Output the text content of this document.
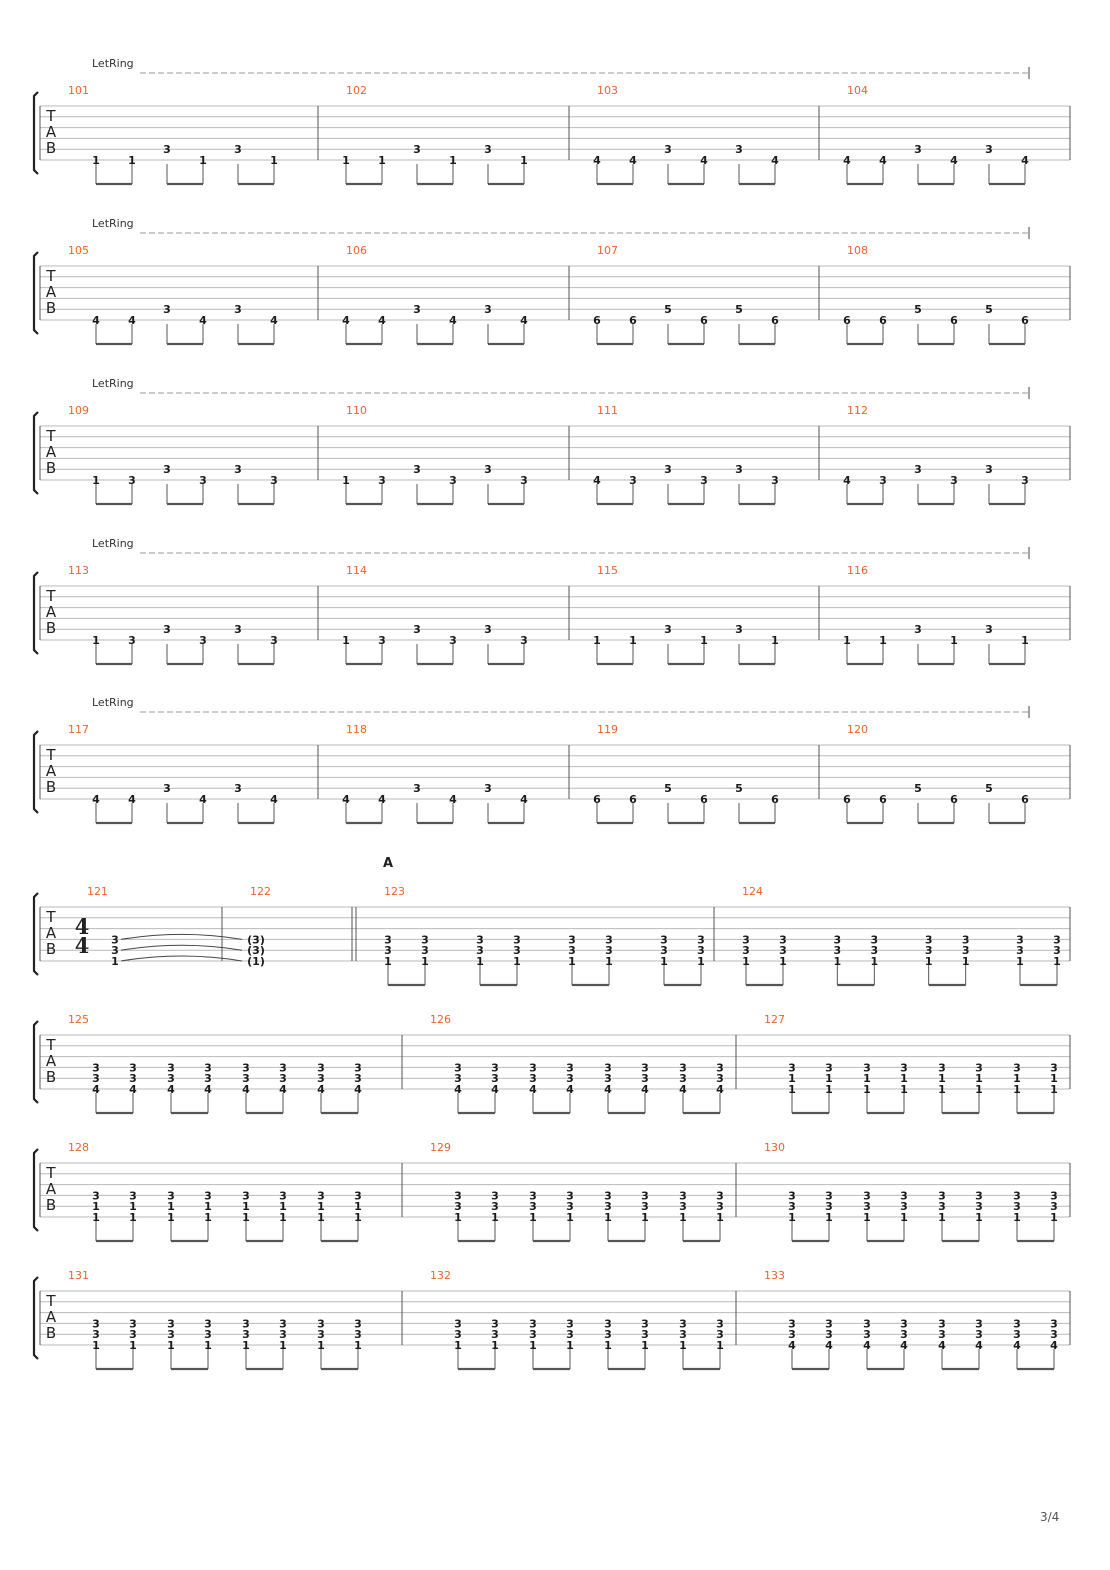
T
A
B
LetRing
101
1	1
3
1
3
1
102
1	1
3
1
3
1
103
4	4
3
4
3
4
104
4	4
3
4
3
4
T
A
B
LetRing
105
4	4
3
4
3
4
106
4	4
3
4
3
4
107
6	6
5
6
5
6
108
6	6
5
6
5
6
T
A
B
LetRing
109
1	3
3
3
3
3
110
1	3
3
3
3
3
111
4	3
3
3
3
3
112
4	3
3
3
3
3
T
A
B
LetRing
113
1	3
3
3
3
3
114
1	3
3
3
3
3
115
1	1
3
1
3
1
116
1	1
3
1
3
1
T
A
B
LetRing
117
4	4
3
4
3
4
118
4	4
3
4
3
4
119
6	6
5
6
5
6
120
6	6
5
6
5
6
T
A
B
121
4
4 3
3
1
122
(3)
(3)
(1)
123
A
3
3
1
3
3
1
3
3
1
3
3
1
3
3
1
3
3
1
3
3
1
3
3
1
124
3
3
1
3
3
1
3
3
1
3
3
1
3
3
1
3
3
1
3
3
1
3
3
1
T
A
B
125
3
3
4
3
3
4
3
3
4
3
3
4
3
3
4
3
3
4
3
3
4
3
3
4
126
3
3
4
3
3
4
3
3
4
3
3
4
3
3
4
3
3
4
3
3
4
3
3
4
127
3
1
1
3
1
1
3
1
1
3
1
1
3
1
1
3
1
1
3
1
1
3
1
1
T
A
B
128
3
1
1
3
1
1
3
1
1
3
1
1
3
1
1
3
1
1
3
1
1
3
1
1
129
3
3
1
3
3
1
3
3
1
3
3
1
3
3
1
3
3
1
3
3
1
3
3
1
130
3
3
1
3
3
1
3
3
1
3
3
1
3
3
1
3
3
1
3
3
1
3
3
1
T
A
B
131
3
3
1
3
3
1
3
3
1
3
3
1
3
3
1
3
3
1
3
3
1
3
3
1
132
3
3
1
3
3
1
3
3
1
3
3
1
3
3
1
3
3
1
3
3
1
3
3
1
133
3
3
4
3
3
4
3
3
4
3
3
4
3
3
4
3
3
4
3
3
4
3
3
4
3/4
